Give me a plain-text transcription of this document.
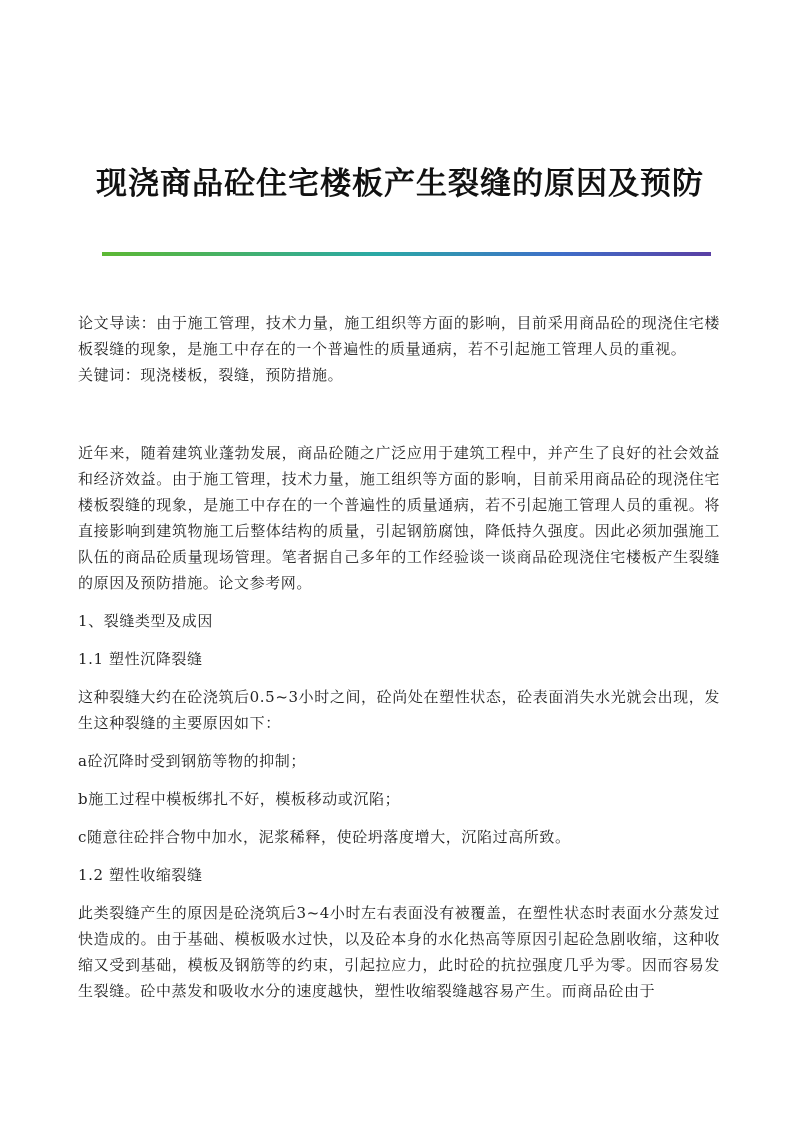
现浇商品砼住宅楼板产生裂缝的原因及预防

论文导读：由于施工管理，技术力量，施工组织等方面的影响，目前采用商品砼的现浇住宅楼板裂缝的现象，是施工中存在的一个普遍性的质量通病，若不引起施工管理人员的重视。

关键词：现浇楼板，裂缝，预防措施。

近年来，随着建筑业蓬勃发展，商品砼随之广泛应用于建筑工程中，并产生了良好的社会效益和经济效益。由于施工管理，技术力量，施工组织等方面的影响，目前采用商品砼的现浇住宅楼板裂缝的现象，是施工中存在的一个普遍性的质量通病，若不引起施工管理人员的重视。将直接影响到建筑物施工后整体结构的质量，引起钢筋腐蚀，降低持久强度。因此必须加强施工队伍的商品砼质量现场管理。笔者据自己多年的工作经验谈一谈商品砼现浇住宅楼板产生裂缝的原因及预防措施。论文参考网。

1、裂缝类型及成因

1.1 塑性沉降裂缝

这种裂缝大约在砼浇筑后0.5~3小时之间，砼尚处在塑性状态，砼表面消失水光就会出现，发生这种裂缝的主要原因如下：

a砼沉降时受到钢筋等物的抑制；

b施工过程中模板绑扎不好，模板移动或沉陷；

c随意往砼拌合物中加水，泥浆稀释，使砼坍落度增大，沉陷过高所致。

1.2 塑性收缩裂缝

此类裂缝产生的原因是砼浇筑后3~4小时左右表面没有被覆盖，在塑性状态时表面水分蒸发过快造成的。由于基础、模板吸水过快，以及砼本身的水化热高等原因引起砼急剧收缩，这种收缩又受到基础，模板及钢筋等的约束，引起拉应力，此时砼的抗拉强度几乎为零。因而容易发生裂缝。砼中蒸发和吸收水分的速度越快，塑性收缩裂缝越容易产生。而商品砼由于
